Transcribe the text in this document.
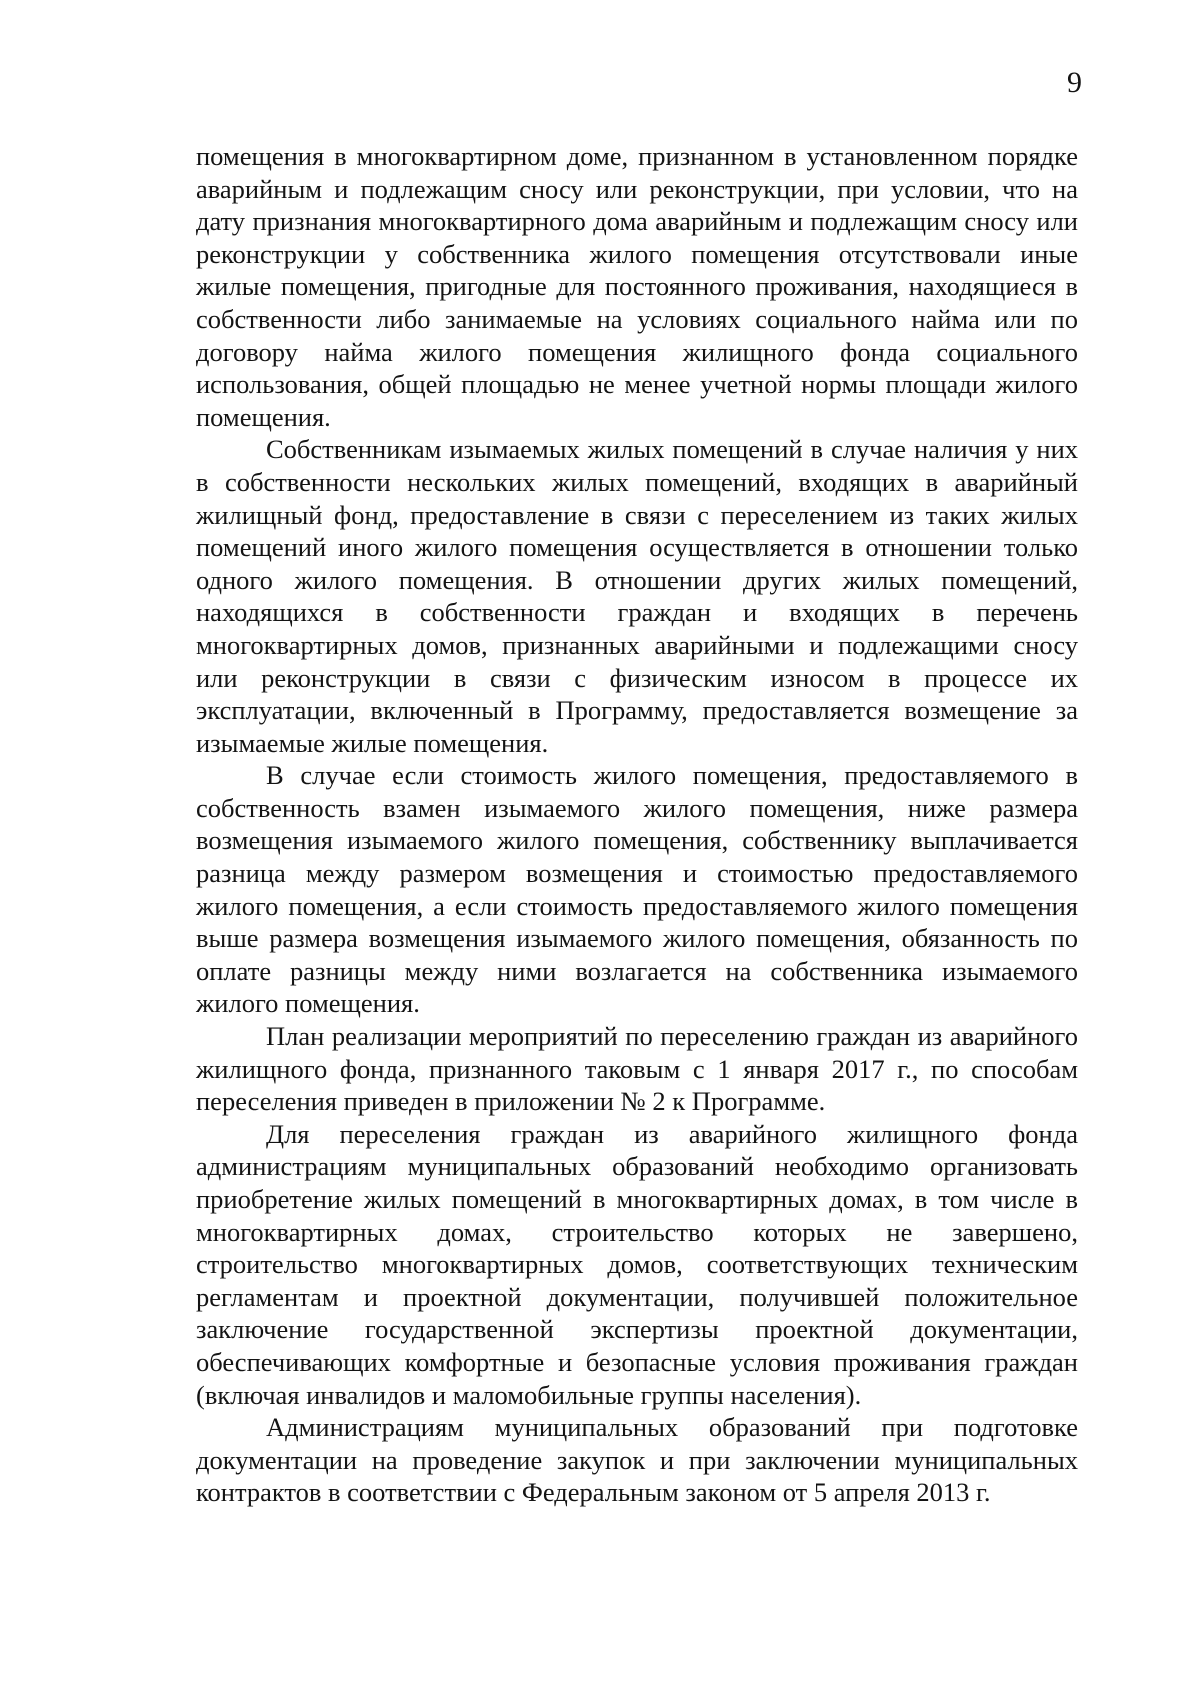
9

помещения в многоквартирном доме, признанном в установленном порядке аварийным и подлежащим сносу или реконструкции, при условии, что на дату признания многоквартирного дома аварийным и подлежащим сносу или реконструкции у собственника жилого помещения отсутствовали иные жилые помещения, пригодные для постоянного проживания, находящиеся в собственности либо занимаемые на условиях социального найма или по договору найма жилого помещения жилищного фонда социального использования, общей площадью не менее учетной нормы площади жилого помещения.

Собственникам изымаемых жилых помещений в случае наличия у них в собственности нескольких жилых помещений, входящих в аварийный жилищный фонд, предоставление в связи с переселением из таких жилых помещений иного жилого помещения осуществляется в отношении только одного жилого помещения. В отношении других жилых помещений, находящихся в собственности граждан и входящих в перечень многоквартирных домов, признанных аварийными и подлежащими сносу или реконструкции в связи с физическим износом в процессе их эксплуатации, включенный в Программу, предоставляется возмещение за изымаемые жилые помещения.

В случае если стоимость жилого помещения, предоставляемого в собственность взамен изымаемого жилого помещения, ниже размера возмещения изымаемого жилого помещения, собственнику выплачивается разница между размером возмещения и стоимостью предоставляемого жилого помещения, а если стоимость предоставляемого жилого помещения выше размера возмещения изымаемого жилого помещения, обязанность по оплате разницы между ними возлагается на собственника изымаемого жилого помещения.

План реализации мероприятий по переселению граждан из аварийного жилищного фонда, признанного таковым с 1 января 2017 г., по способам переселения приведен в приложении № 2 к Программе.

Для переселения граждан из аварийного жилищного фонда администрациям муниципальных образований необходимо организовать приобретение жилых помещений в многоквартирных домах, в том числе в многоквартирных домах, строительство которых не завершено, строительство многоквартирных домов, соответствующих техническим регламентам и проектной документации, получившей положительное заключение государственной экспертизы проектной документации, обеспечивающих комфортные и безопасные условия проживания граждан (включая инвалидов и маломобильные группы населения).

Администрациям муниципальных образований при подготовке документации на проведение закупок и при заключении муниципальных контрактов в соответствии с Федеральным законом от 5 апреля 2013 г.
